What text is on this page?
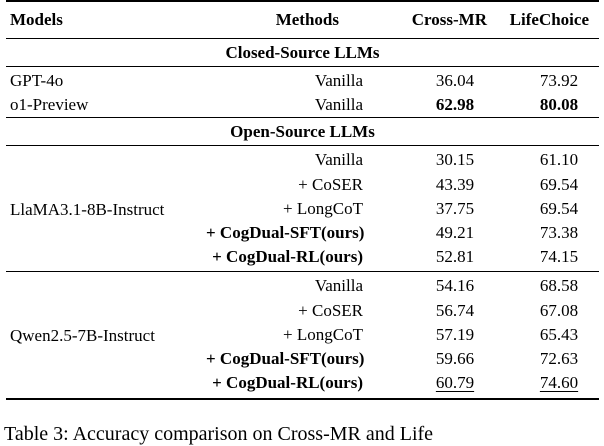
Models	Methods	Cross-MR	LifeChoice
Closed-Source LLMs			
GPT-4o	Vanilla	36.04	73.92
o1-Preview	Vanilla	62.98	80.08
Open-Source LLMs			
LlaMA3.1-8B-Instruct	Vanilla	30.15	61.10
	+ CoSER	43.39	69.54
	+ LongCoT	37.75	69.54
	+ CogDual-SFT(ours)	49.21	73.38
	+ CogDual-RL(ours)	52.81	74.15
Qwen2.5-7B-Instruct	Vanilla	54.16	68.58
	+ CoSER	56.74	67.08
	+ LongCoT	57.19	65.43
	+ CogDual-SFT(ours)	59.66	72.63
	+ CogDual-RL(ours)	60.79	74.60
Table 3: Accuracy comparison on Cross-MR and Life
